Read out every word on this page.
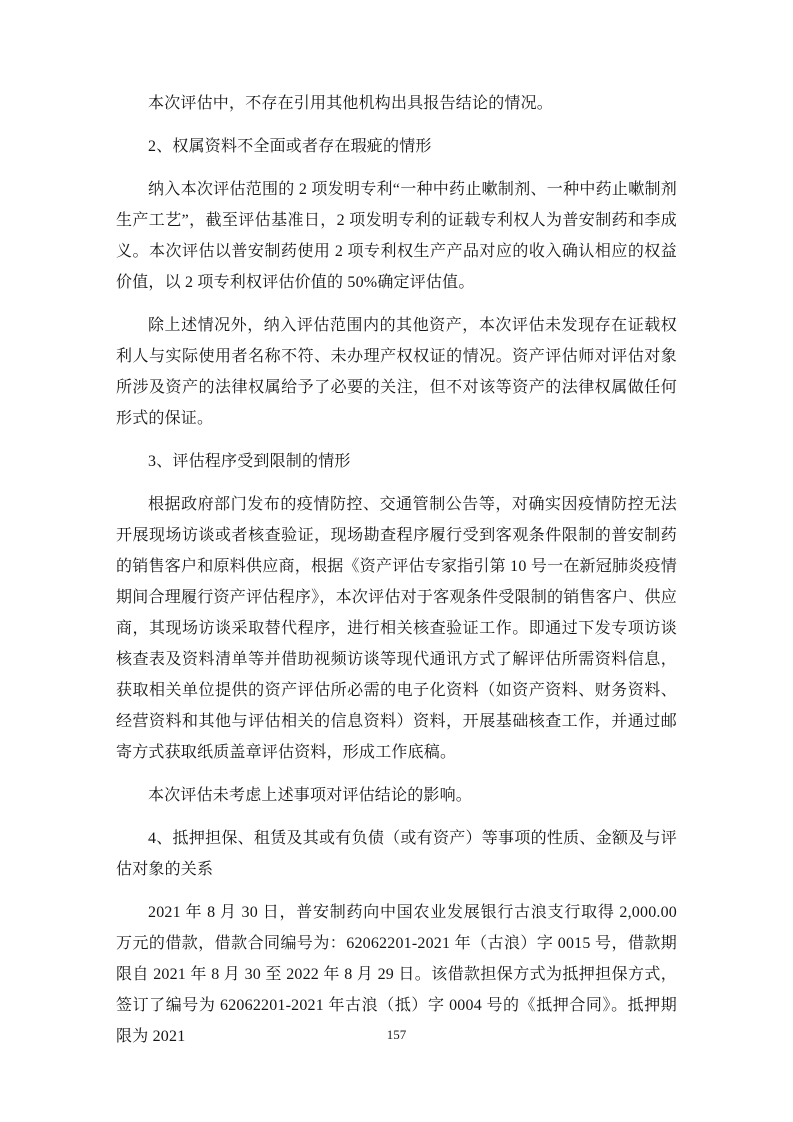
本次评估中，不存在引用其他机构出具报告结论的情况。

2、权属资料不全面或者存在瑕疵的情形

纳入本次评估范围的 2 项发明专利“一种中药止嗽制剂、一种中药止嗽制剂生产工艺”，截至评估基准日，2 项发明专利的证载专利权人为普安制药和李成义。本次评估以普安制药使用 2 项专利权生产产品对应的收入确认相应的权益价值，以 2 项专利权评估价值的 50%确定评估值。

除上述情况外，纳入评估范围内的其他资产，本次评估未发现存在证载权利人与实际使用者名称不符、未办理产权权证的情况。资产评估师对评估对象所涉及资产的法律权属给予了必要的关注，但不对该等资产的法律权属做任何形式的保证。

3、评估程序受到限制的情形

根据政府部门发布的疫情防控、交通管制公告等，对确实因疫情防控无法开展现场访谈或者核查验证，现场勘查程序履行受到客观条件限制的普安制药的销售客户和原料供应商，根据《资产评估专家指引第 10 号一在新冠肺炎疫情期间合理履行资产评估程序》，本次评估对于客观条件受限制的销售客户、供应商，其现场访谈采取替代程序，进行相关核查验证工作。即通过下发专项访谈核查表及资料清单等并借助视频访谈等现代通讯方式了解评估所需资料信息，获取相关单位提供的资产评估所必需的电子化资料（如资产资料、财务资料、经营资料和其他与评估相关的信息资料）资料，开展基础核查工作，并通过邮寄方式获取纸质盖章评估资料，形成工作底稿。

本次评估未考虑上述事项对评估结论的影响。

4、抵押担保、租赁及其或有负债（或有资产）等事项的性质、金额及与评估对象的关系

2021 年 8 月 30 日，普安制药向中国农业发展银行古浪支行取得 2,000.00 万元的借款，借款合同编号为：62062201-2021 年（古浪）字 0015 号，借款期限自 2021 年 8 月 30 至 2022 年 8 月 29 日。该借款担保方式为抵押担保方式，签订了编号为 62062201-2021 年古浪（抵）字 0004 号的《抵押合同》。抵押期限为 2021	157
